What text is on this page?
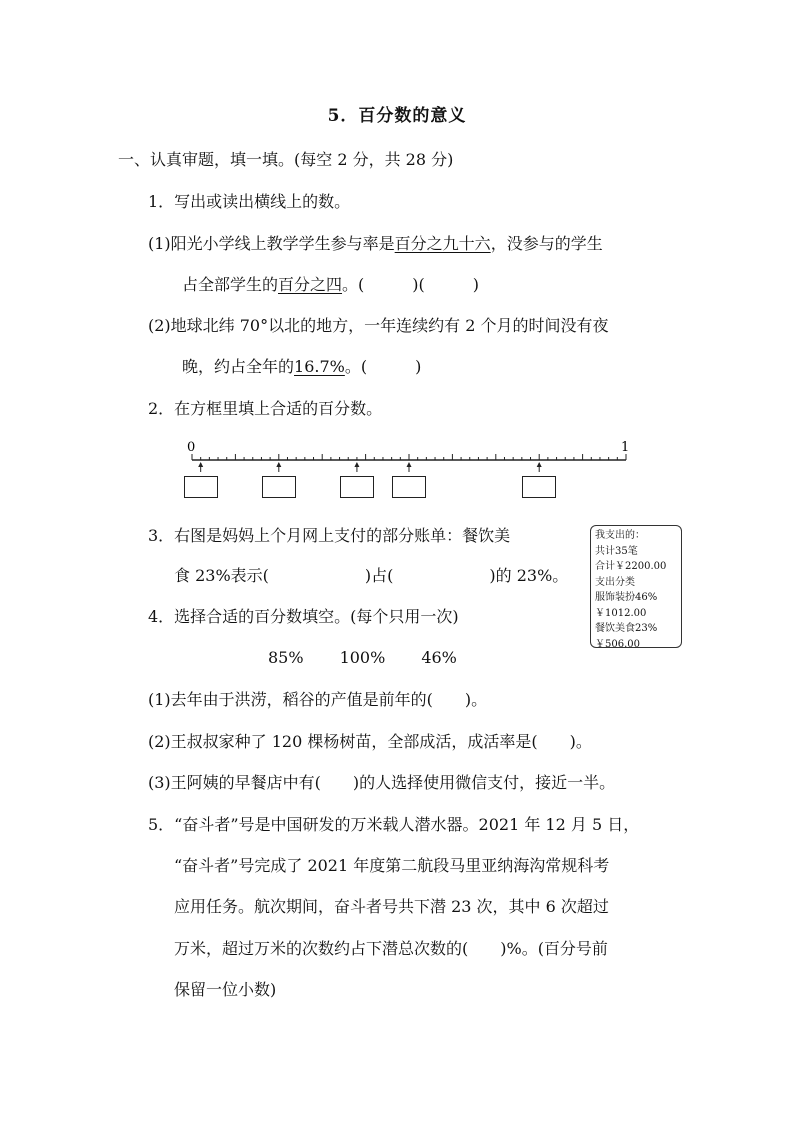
5．百分数的意义
一、认真审题，填一填。(每空 2 分，共 28 分)
1．写出或读出横线上的数。
(1)阳光小学线上教学学生参与率是百分之九十六，没参与的学生
占全部学生的百分之四。(　　　)(　　　)
(2)地球北纬 70°以北的地方，一年连续约有 2 个月的时间没有夜
晚，约占全年的16.7%。(　　　)
2．在方框里填上合适的百分数。
0	1
3．右图是妈妈上个月网上支付的部分账单：餐饮美
食 23%表示(　　　　　　)占(　　　　　　)的 23%。
我支出的：
共计35笔
合计￥2200.00
支出分类
服饰装扮46%
￥1012.00
餐饮美食23%
￥506.00
4．选择合适的百分数填空。(每个只用一次)
85% 100% 46%
(1)去年由于洪涝，稻谷的产值是前年的(　　)。
(2)王叔叔家种了 120 棵杨树苗，全部成活，成活率是(　　)。
(3)王阿姨的早餐店中有(　　)的人选择使用微信支付，接近一半。
5．“奋斗者”号是中国研发的万米载人潜水器。2021 年 12 月 5 日，
“奋斗者”号完成了 2021 年度第二航段马里亚纳海沟常规科考
应用任务。航次期间，奋斗者号共下潜 23 次，其中 6 次超过
万米，超过万米的次数约占下潜总次数的(　　)%。(百分号前
保留一位小数)
